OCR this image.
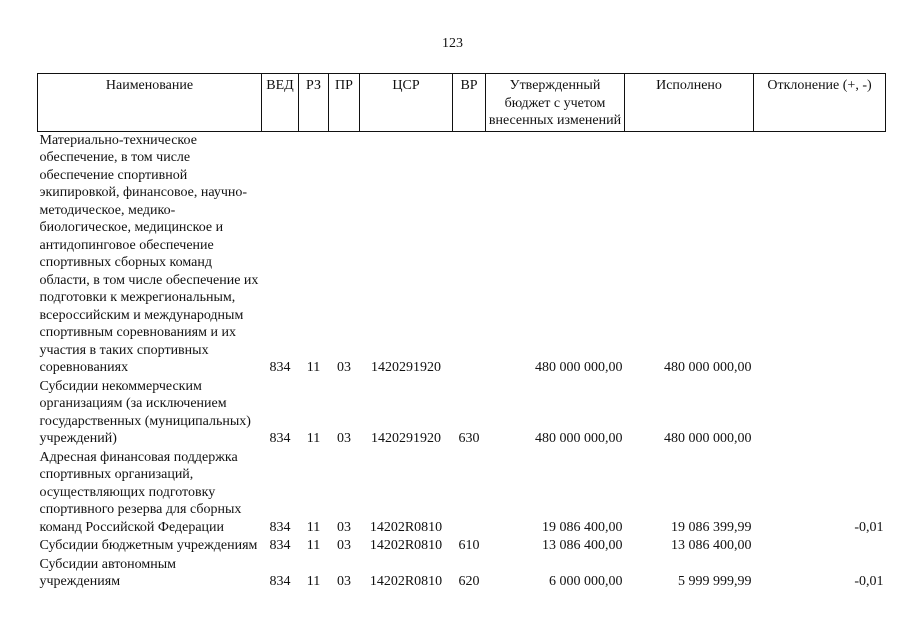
123
Наименование	ВЕД	РЗ	ПР	ЦСР	ВР	Утвержденный бюджет с учетом внесенных изменений	Исполнено	Отклонение (+, -)
Материально-техническое обеспечение, в том числе обеспечение спортивной экипировкой, финансовое, научно-методическое, медико-биологическое, медицинское и антидопинговое обеспечение спортивных сборных команд области, в том числе обеспечение их подготовки к межрегиональным, всероссийским и международным спортивным соревнованиям и их участия в таких спортивных соревнованиях	834	11	03	1420291920		480 000 000,00	480 000 000,00	
Субсидии некоммерческим организациям (за исключением государственных (муниципальных) учреждений)	834	11	03	1420291920	630	480 000 000,00	480 000 000,00	
Адресная финансовая поддержка спортивных организаций, осуществляющих подготовку спортивного резерва для сборных команд Российской Федерации	834	11	03	14202R0810		19 086 400,00	19 086 399,99	-0,01
Субсидии бюджетным учреждениям	834	11	03	14202R0810	610	13 086 400,00	13 086 400,00	
Субсидии автономным учреждениям	834	11	03	14202R0810	620	6 000 000,00	5 999 999,99	-0,01
